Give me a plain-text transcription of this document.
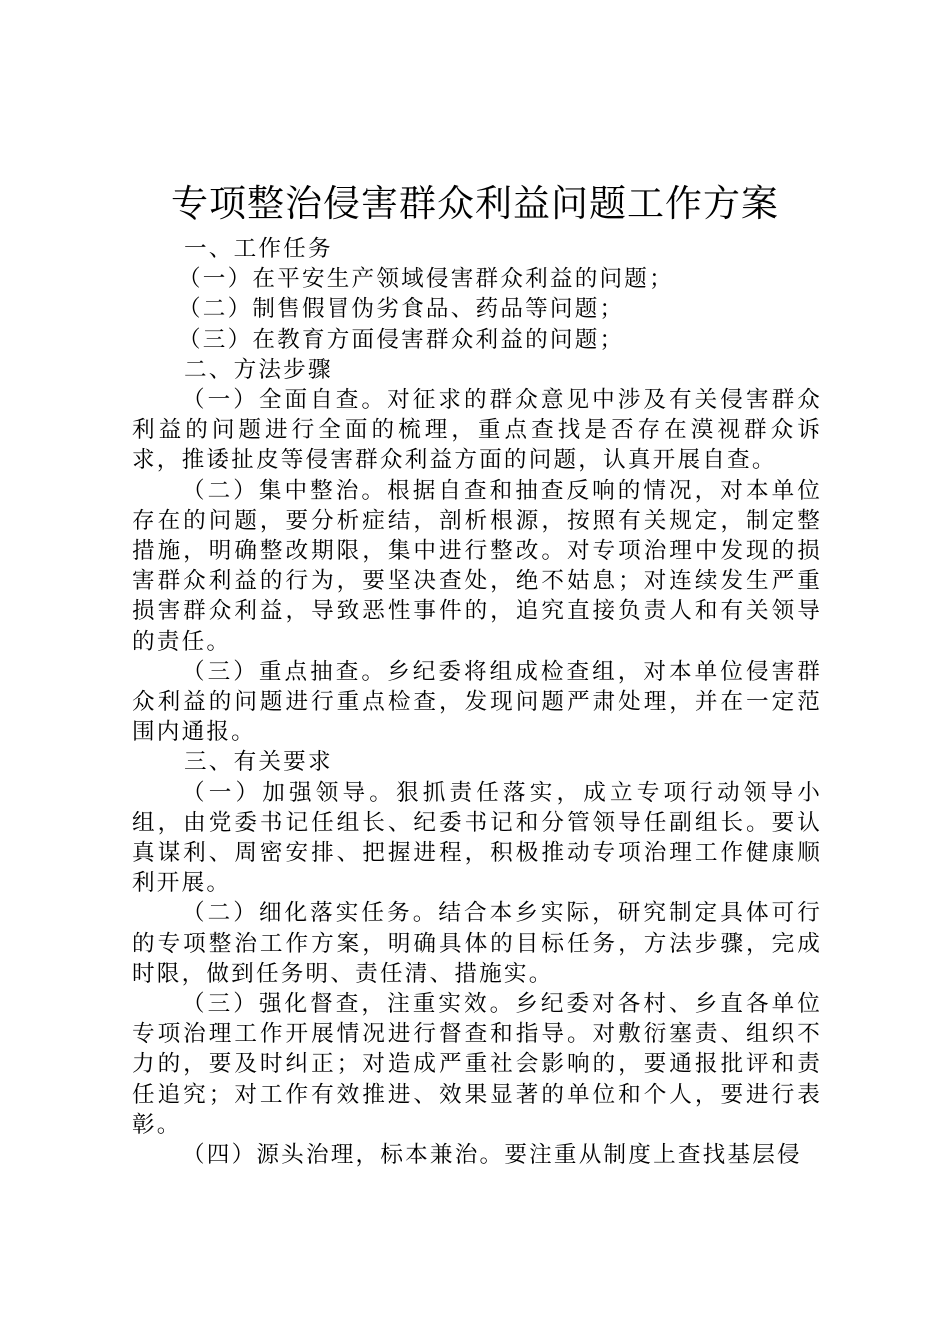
专项整治侵害群众利益问题工作方案

一、工作任务

（一）在平安生产领域侵害群众利益的问题；

（二）制售假冒伪劣食品、药品等问题；

（三）在教育方面侵害群众利益的问题；

二、方法步骤

（一）全面自查。对征求的群众意见中涉及有关侵害群众利益的问题进行全面的梳理，重点查找是否存在漠视群众诉求，推诿扯皮等侵害群众利益方面的问题，认真开展自查。

（二）集中整治。根据自查和抽查反响的情况，对本单位存在的问题，要分析症结，剖析根源，按照有关规定，制定整措施，明确整改期限，集中进行整改。对专项治理中发现的损害群众利益的行为，要坚决查处，绝不姑息；对连续发生严重损害群众利益，导致恶性事件的，追究直接负责人和有关领导的责任。

（三）重点抽查。乡纪委将组成检查组，对本单位侵害群众利益的问题进行重点检查，发现问题严肃处理，并在一定范围内通报。

三、有关要求

（一）加强领导。狠抓责任落实，成立专项行动领导小组，由党委书记任组长、纪委书记和分管领导任副组长。要认真谋利、周密安排、把握进程，积极推动专项治理工作健康顺利开展。

（二）细化落实任务。结合本乡实际，研究制定具体可行的专项整治工作方案，明确具体的目标任务，方法步骤，完成时限，做到任务明、责任清、措施实。

（三）强化督查，注重实效。乡纪委对各村、乡直各单位专项治理工作开展情况进行督查和指导。对敷衍塞责、组织不力的，要及时纠正；对造成严重社会影响的，要通报批评和责任追究；对工作有效推进、效果显著的单位和个人，要进行表彰。

（四）源头治理，标本兼治。要注重从制度上查找基层侵
